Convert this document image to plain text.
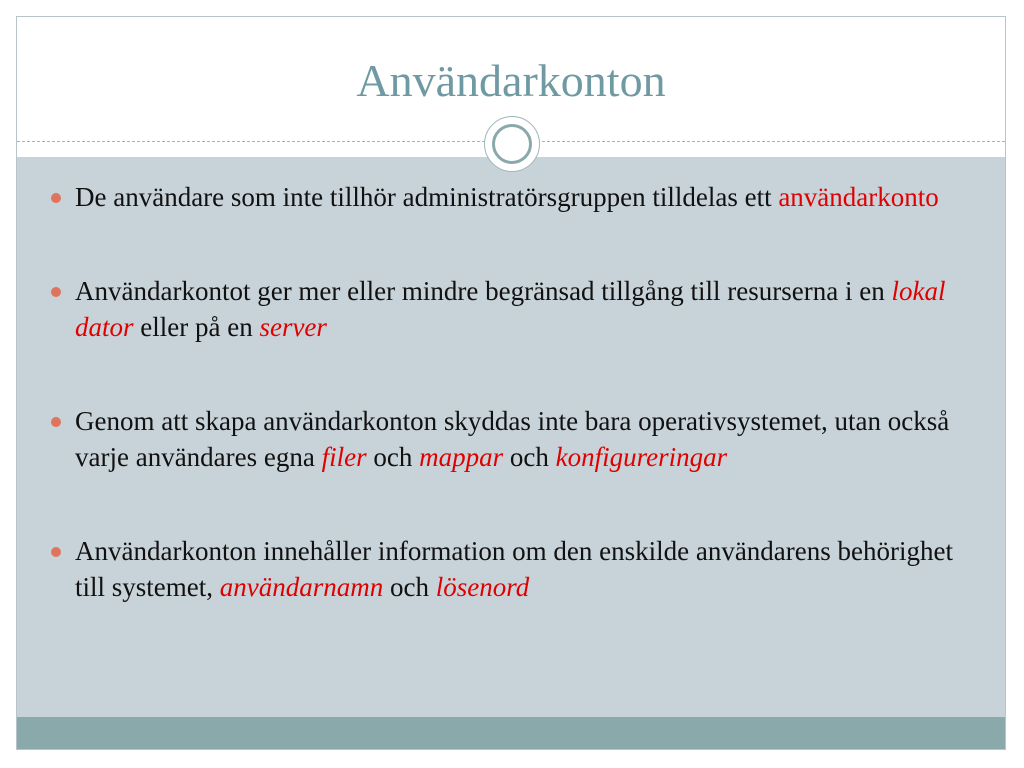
Användarkonton
De användare som inte tillhör administratörsgruppen tilldelas ett användarkonto
Användarkontot ger mer eller mindre begränsad tillgång till resurserna i en lokal dator eller på en server
Genom att skapa användarkonton skyddas inte bara operativsystemet, utan också varje användares egna filer och mappar och konfigureringar
Användarkonton innehåller information om den enskilde användarens behörighet till systemet, användarnamn och lösenord
